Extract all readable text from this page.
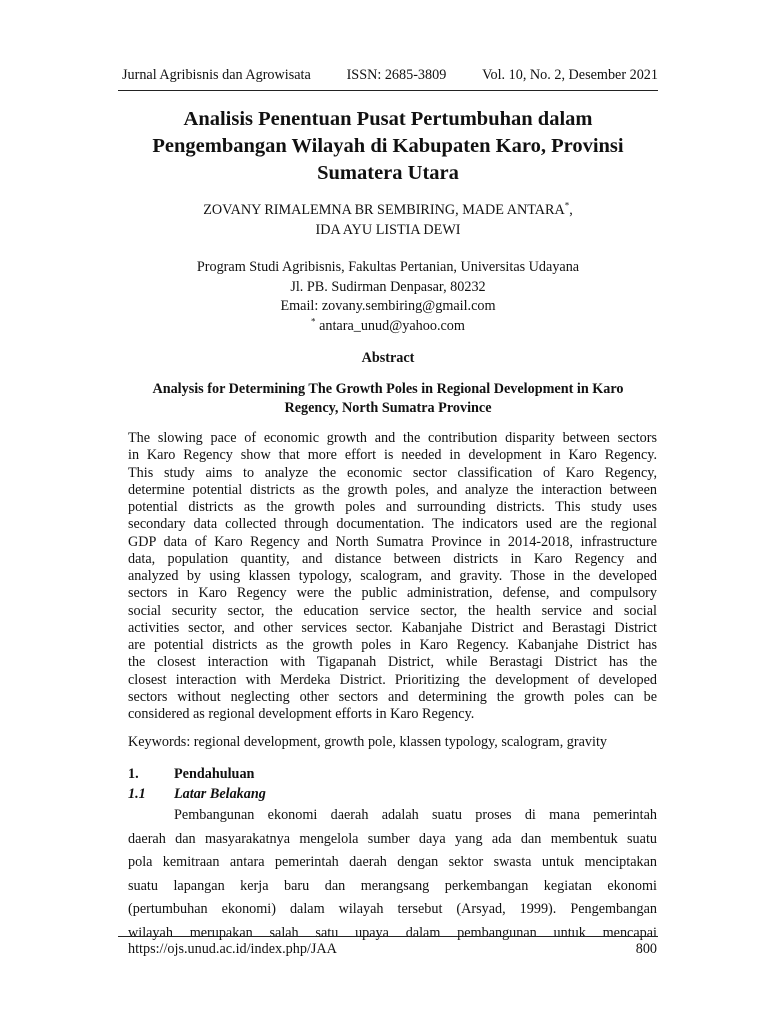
Jurnal Agribisnis dan Agrowisata	ISSN: 2685-3809	Vol. 10, No. 2, Desember 2021
Analisis Penentuan Pusat Pertumbuhan dalam
Pengembangan Wilayah di Kabupaten Karo, Provinsi
Sumatera Utara
ZOVANY RIMALEMNA BR SEMBIRING, MADE ANTARA*,
IDA AYU LISTIA DEWI
Program Studi Agribisnis, Fakultas Pertanian, Universitas Udayana
Jl. PB. Sudirman Denpasar, 80232
Email: zovany.sembiring@gmail.com
* antara_unud@yahoo.com
Abstract
Analysis for Determining The Growth Poles in Regional Development in Karo
Regency, North Sumatra Province
The slowing pace of economic growth and the contribution disparity between sectors
in Karo Regency show that more effort is needed in development in Karo Regency.
This study aims to analyze the economic sector classification of Karo Regency,
determine potential districts as the growth poles, and analyze the interaction between
potential districts as the growth poles and surrounding districts. This study uses
secondary data collected through documentation. The indicators used are the regional
GDP data of Karo Regency and North Sumatra Province in 2014-2018, infrastructure
data, population quantity, and distance between districts in Karo Regency and
analyzed by using klassen typology, scalogram, and gravity. Those in the developed
sectors in Karo Regency were the public administration, defense, and compulsory
social security sector, the education service sector, the health service and social
activities sector, and other services sector. Kabanjahe District and Berastagi District
are potential districts as the growth poles in Karo Regency. Kabanjahe District has
the closest interaction with Tigapanah District, while Berastagi District has the
closest interaction with Merdeka District. Prioritizing the development of developed
sectors without neglecting other sectors and determining the growth poles can be
considered as regional development efforts in Karo Regency.
Keywords: regional development, growth pole, klassen typology, scalogram, gravity
1. Pendahuluan
1.1 Latar Belakang
Pembangunan ekonomi daerah adalah suatu proses di mana pemerintah
daerah dan masyarakatnya mengelola sumber daya yang ada dan membentuk suatu
pola kemitraan antara pemerintah daerah dengan sektor swasta untuk menciptakan
suatu lapangan kerja baru dan merangsang perkembangan kegiatan ekonomi
(pertumbuhan ekonomi) dalam wilayah tersebut (Arsyad, 1999). Pengembangan
wilayah merupakan salah satu upaya dalam pembangunan untuk mencapai
https://ojs.unud.ac.id/index.php/JAA	800
